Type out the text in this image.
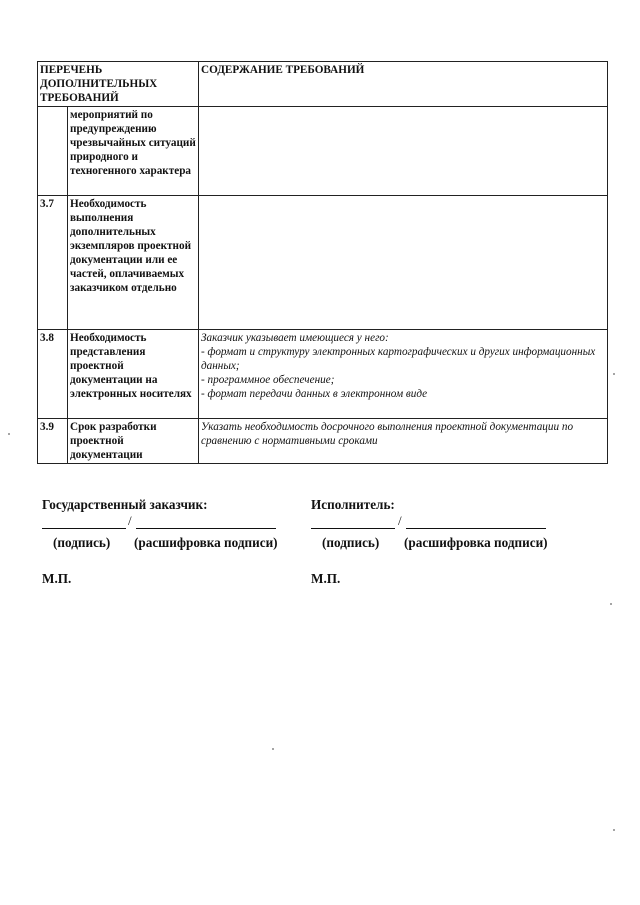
ПЕРЕЧЕНЬ ДОПОЛНИТЕЛЬНЫХ ТРЕБОВАНИЙ		СОДЕРЖАНИЕ ТРЕБОВАНИЙ
	мероприятий по предупреждению чрезвычайных ситуаций природного и техногенного характера	
3.7	Необходимость выполнения дополнительных экземпляров проектной документации или ее частей, оплачиваемых заказчиком отдельно	
3.8	Необходимость представления проектной документации на электронных носителях	Заказчик указывает имеющиеся у него:
- формат и структуру электронных картографических и других информационных данных;
- программное обеспечение;
- формат передачи данных в электронном виде

3.9	Срок разработки проектной документации	Указать необходимость досрочного выполнения проектной документации по сравнению с нормативными сроками
Государственный заказчик:
/
(подпись) (расшифровка подписи)
М.П.
Исполнитель:
/
(подпись) (расшифровка подписи)
М.П.
